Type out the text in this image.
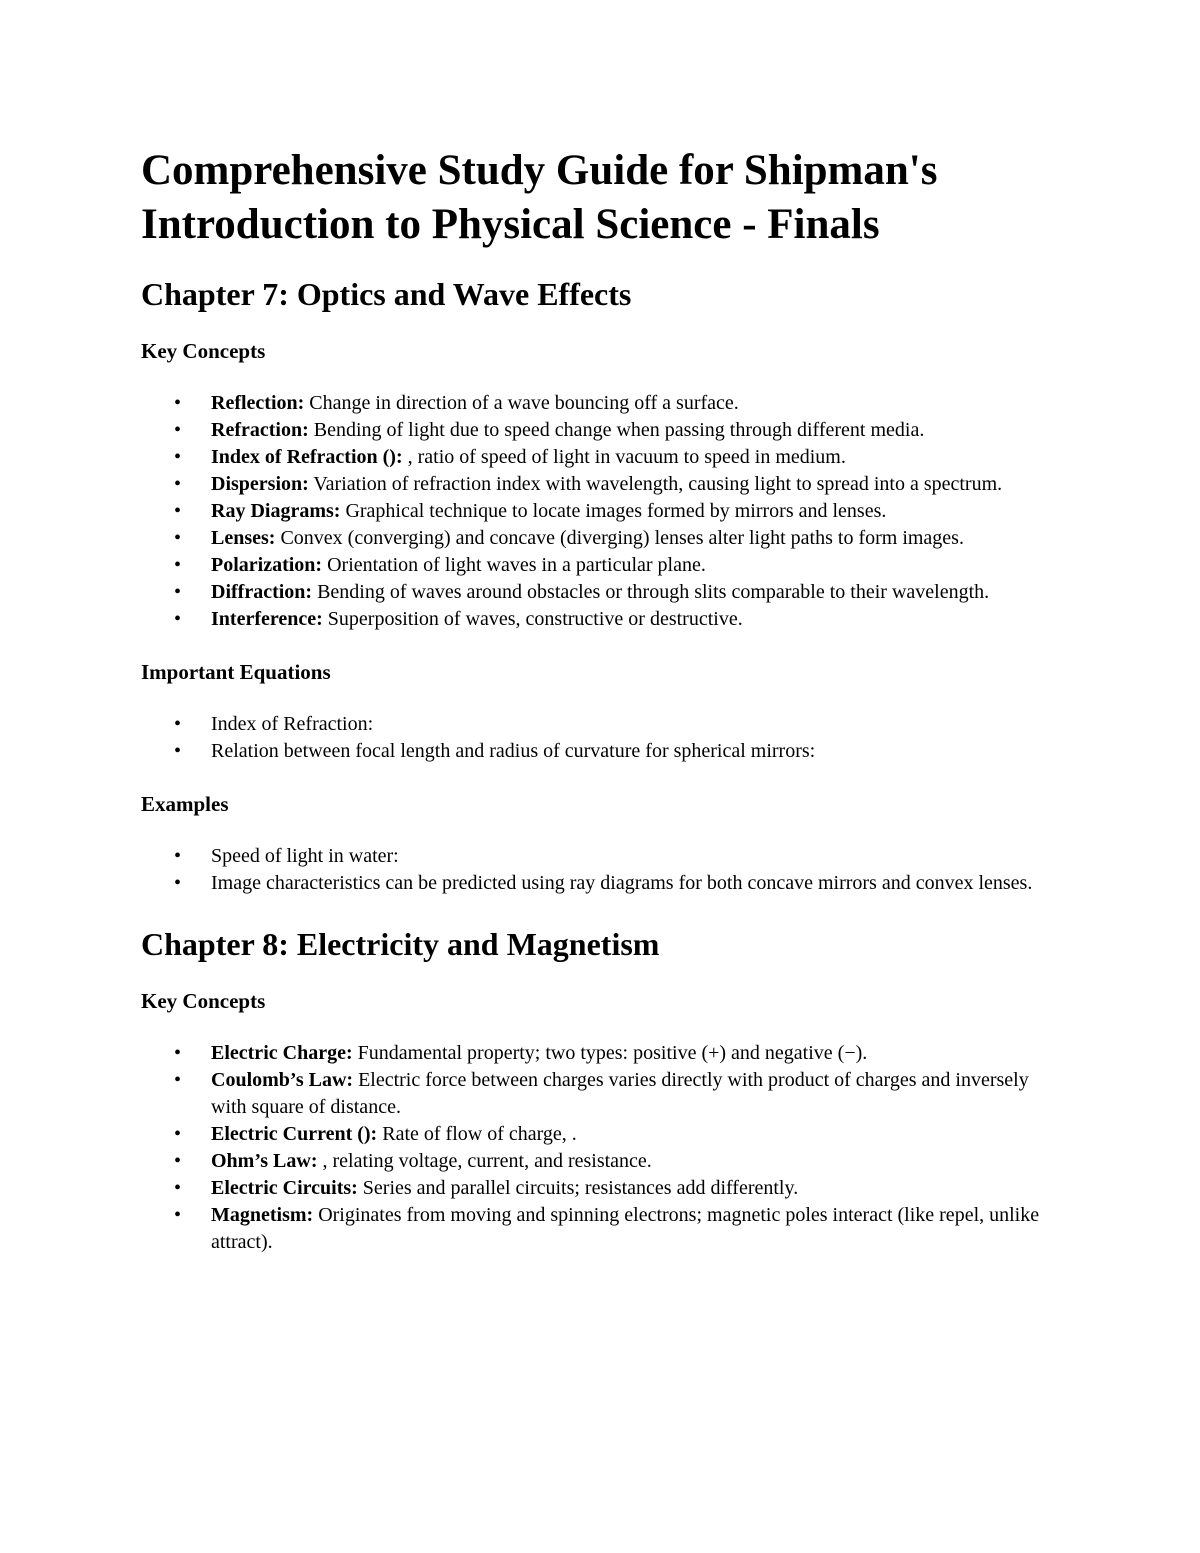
Comprehensive Study Guide for Shipman's
Introduction to Physical Science - Finals
Chapter 7: Optics and Wave Effects
Key Concepts
• Reflection: Change in direction of a wave bouncing off a surface.
• Refraction: Bending of light due to speed change when passing through different media.
• Index of Refraction (): , ratio of speed of light in vacuum to speed in medium.
• Dispersion: Variation of refraction index with wavelength, causing light to spread into a spectrum.
• Ray Diagrams: Graphical technique to locate images formed by mirrors and lenses.
• Lenses: Convex (converging) and concave (diverging) lenses alter light paths to form images.
• Polarization: Orientation of light waves in a particular plane.
• Diffraction: Bending of waves around obstacles or through slits comparable to their wavelength.
• Interference: Superposition of waves, constructive or destructive.
Important Equations
• Index of Refraction:
• Relation between focal length and radius of curvature for spherical mirrors:
Examples
• Speed of light in water:
• Image characteristics can be predicted using ray diagrams for both concave mirrors and convex lenses.
Chapter 8: Electricity and Magnetism
Key Concepts
• Electric Charge: Fundamental property; two types: positive (+) and negative (−).
• Coulomb’s Law: Electric force between charges varies directly with product of charges and inversely with square of distance.
• Electric Current (): Rate of flow of charge, .
• Ohm’s Law: , relating voltage, current, and resistance.
• Electric Circuits: Series and parallel circuits; resistances add differently.
• Magnetism: Originates from moving and spinning electrons; magnetic poles interact (like repel, unlike attract).
